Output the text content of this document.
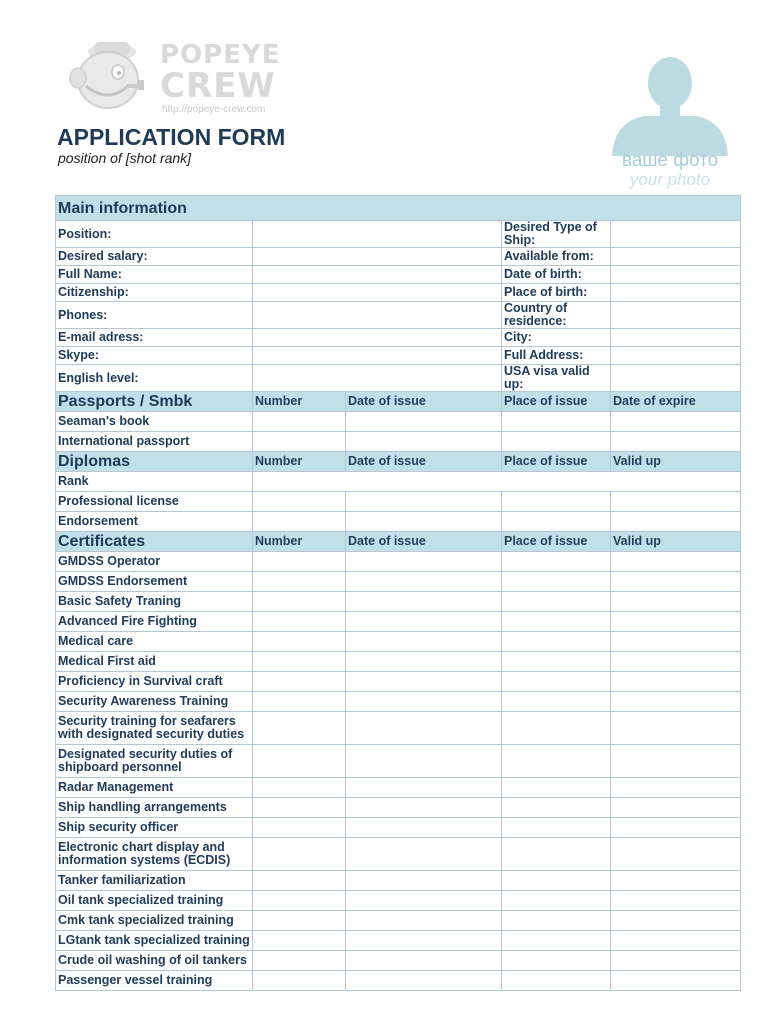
POPEYE
CREW
http://popeye-crew.com
APPLICATION FORM
position of [shot rank]	ваше фото
your photo
Main information				
Position:			Desired Type of Ship:	
Desired salary:			Available from:	
Full Name:			Date of birth:	
Citizenship:			Place of birth:	
Phones:			Country of residence:	
E-mail adress:			City:	
Skype:			Full Address:	
English level:			USA visa valid up:	
Passports / Smbk	Number	Date of issue	Place of issue	Date of expire
Seaman's book				
International passport				
Diplomas	Number	Date of issue	Place of issue	Valid up
Rank				
Professional license				
Endorsement				
Certificates	Number	Date of issue	Place of issue	Valid up
GMDSS Operator				
GMDSS Endorsement				
Basic Safety Traning				
Advanced Fire Fighting				
Medical care				
Medical First aid				
Proficiency in Survival craft				
Security Awareness Training				
Security training for seafarers with designated security duties				
Designated security duties of shipboard personnel				
Radar Management				
Ship handling arrangements				
Ship security officer				
Electronic chart display and information systems (ECDIS)				
Tanker familiarization				
Oil tank specialized training				
Cmk tank specialized training				
LGtank tank specialized training				
Crude oil washing of oil tankers				
Passenger vessel training				
